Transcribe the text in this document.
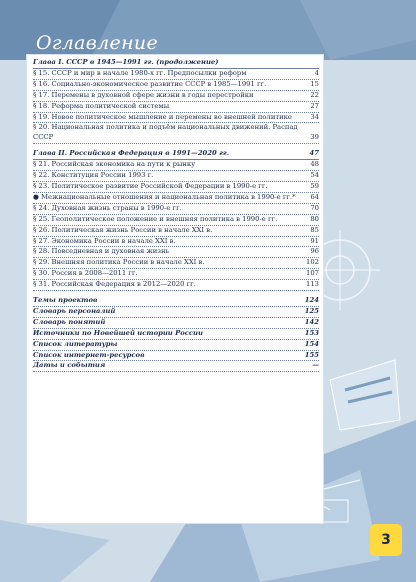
Оглавление
Глава I. СССР в 1945—1991 гг. (продолжение)
§ 15. СССР и мир в начале 1980-х гг. Предпосылки реформ	4
§ 16. Социально-экономическое развитие СССР в 1985—1991 гг.	15
§ 17. Перемены в духовной сфере жизни в годы перестройки	22
§ 18. Реформа политической системы	27
§ 19. Новое политическое мышление и перемены во внешней политике	34
§ 20. Национальная политика и подъём национальных движений. Распад СССР	39
Глава II. Российская Федерация в 1991—2020 гг.	47
§ 21. Российская экономика на пути к рынку	48
§ 22. Конституция России 1993 г.	54
§ 23. Политическое развитие Российской Федерации в 1990-е гг.	59
● Межнациональные отношения и национальная политика в 1990-е гг.*	64
§ 24. Духовная жизнь страны в 1990-е гг.	70
§ 25. Геополитическое положение и внешняя политика в 1990-е гг.	80
§ 26. Политическая жизнь России в начале XXI в.	85
§ 27. Экономика России в начале XXI в.	91
§ 28. Повседневная и духовная жизнь	96
§ 29. Внешняя политика России в начале XXI в.	102
§ 30. Россия в 2008—2011 гг.	107
§ 31. Российская Федерация в 2012—2020 гг.	113
Темы проектов	124
Словарь персоналий	125
Словарь понятий	142
Источники по Новейшей истории России	153
Список литературы	154
Список интернет-ресурсов	155
Даты и события	—
3
